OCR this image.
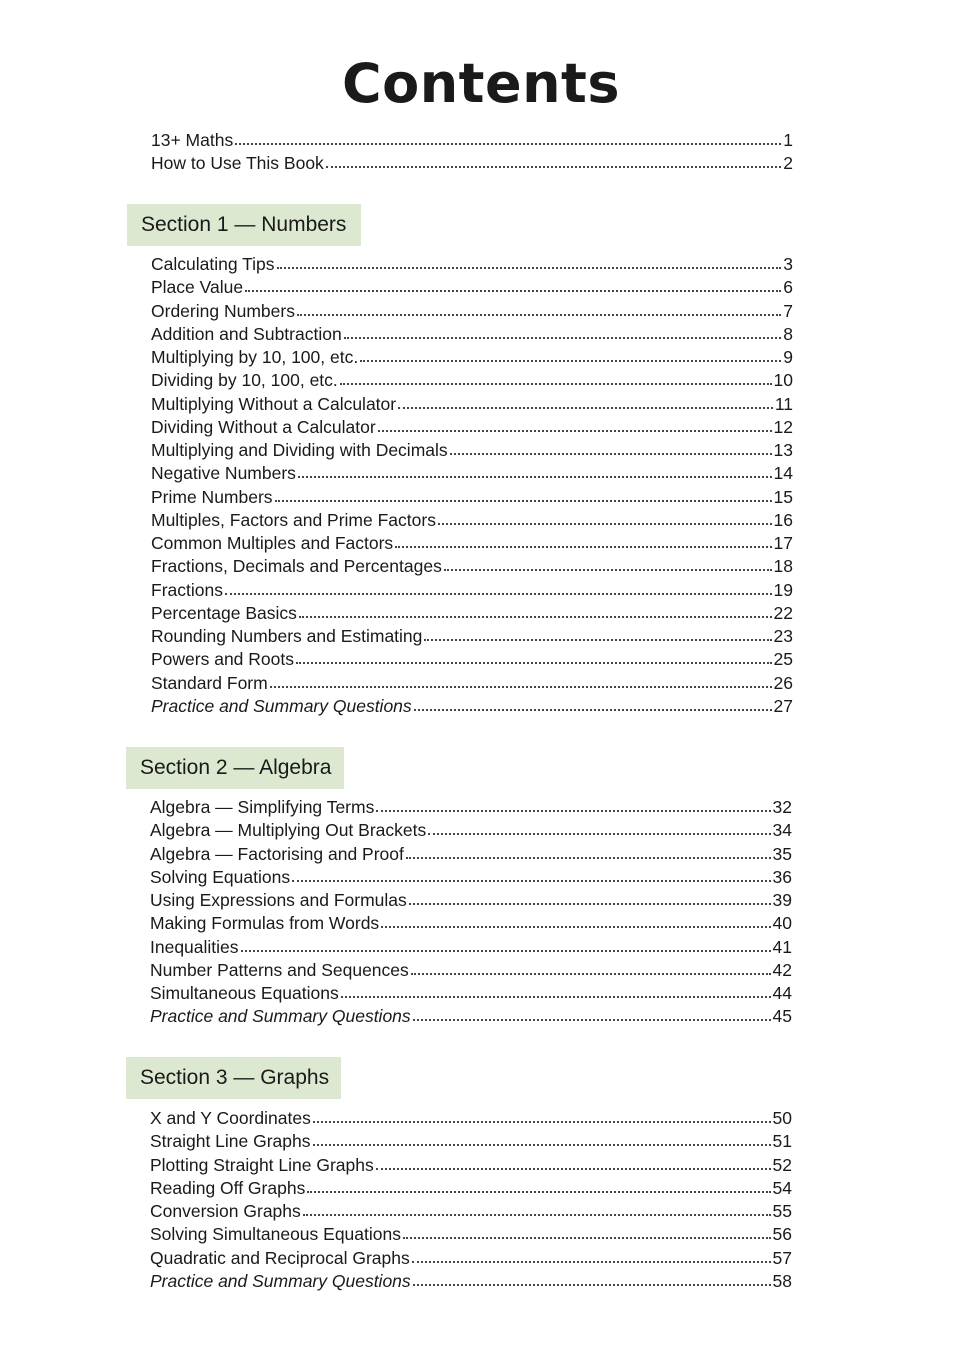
Contents
13+ Maths	1
How to Use This Book	2
Section 1 — Numbers
Calculating Tips	3
Place Value	6
Ordering Numbers	7
Addition and Subtraction	8
Multiplying by 10, 100, etc.	9
Dividing by 10, 100, etc.	10
Multiplying Without a Calculator	11
Dividing Without a Calculator	12
Multiplying and Dividing with Decimals	13
Negative Numbers	14
Prime Numbers	15
Multiples, Factors and Prime Factors	16
Common Multiples and Factors	17
Fractions, Decimals and Percentages	18
Fractions	19
Percentage Basics	22
Rounding Numbers and Estimating	23
Powers and Roots	25
Standard Form	26
Practice and Summary Questions	27
Section 2 — Algebra
Algebra — Simplifying Terms	32
Algebra — Multiplying Out Brackets	34
Algebra — Factorising and Proof	35
Solving Equations	36
Using Expressions and Formulas	39
Making Formulas from Words	40
Inequalities	41
Number Patterns and Sequences	42
Simultaneous Equations	44
Practice and Summary Questions	45
Section 3 — Graphs
X and Y Coordinates	50
Straight Line Graphs	51
Plotting Straight Line Graphs	52
Reading Off Graphs	54
Conversion Graphs	55
Solving Simultaneous Equations	56
Quadratic and Reciprocal Graphs	57
Practice and Summary Questions	58
